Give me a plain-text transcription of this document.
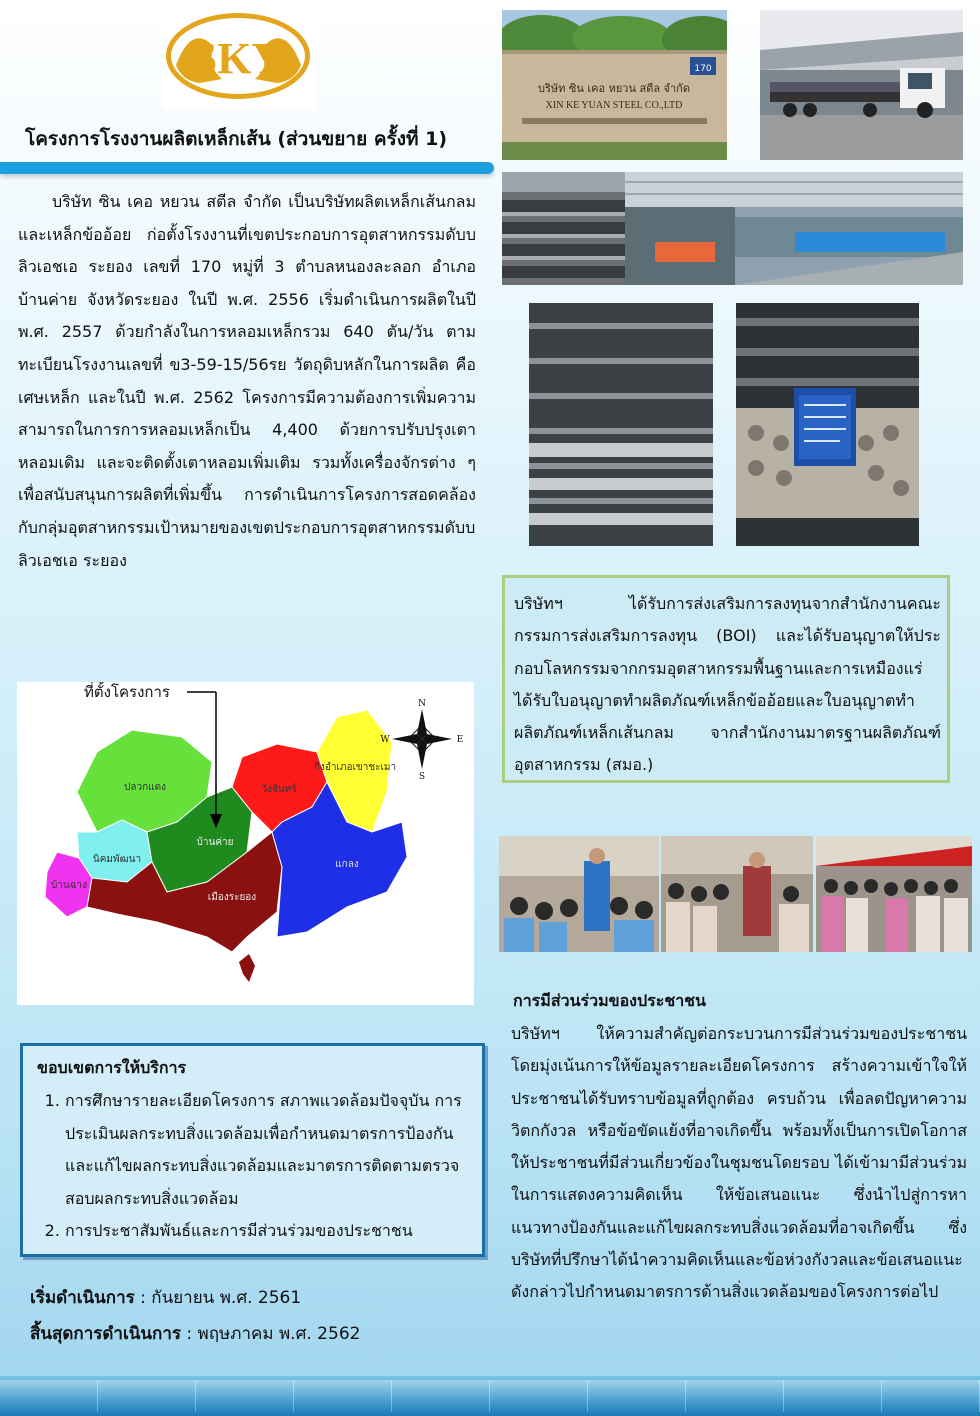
SKY
โครงการโรงงานผลิตเหล็กเส้น (ส่วนขยาย ครั้งที่ 1)

บริษัท ซิน เคอ หยวน สตีล จำกัด เป็นบริษัทผลิตเหล็กเส้นกลมและเหล็กข้ออ้อย ก่อตั้งโรงงานที่เขตประกอบการอุตสาหกรรมดับบลิวเอชเอ ระยอง เลขที่ 170 หมู่ที่ 3 ตำบลหนองละลอก อำเภอบ้านค่าย จังหวัดระยอง ในปี พ.ศ. 2556 เริ่มดำเนินการผลิตในปี พ.ศ. 2557 ด้วยกำลังในการหลอมเหล็กรวม 640 ตัน/วัน ตามทะเบียนโรงงานเลขที่ ข3-59-15/56รย วัตถุดิบหลักในการผลิต คือ เศษเหล็ก และในปี พ.ศ. 2562 โครงการมีความต้องการเพิ่มความสามารถในการการหลอมเหล็กเป็น 4,400 ด้วยการปรับปรุงเตาหลอมเดิม และจะติดตั้งเตาหลอมเพิ่มเติม รวมทั้งเครื่องจักรต่าง ๆ เพื่อสนับสนุนการผลิตที่เพิ่มขึ้น การดำเนินการโครงการสอดคล้องกับกลุ่มอุตสาหกรรมเป้าหมายของเขตประกอบการอุตสาหกรรมดับบลิวเอชเอ ระยอง

170
บริษัท ซิน เคอ หยวน สตีล จำกัด
XIN KE YUAN STEEL CO.,LTD
บริษัทฯ ได้รับการส่งเสริมการลงทุนจากสำนักงานคณะกรรมการส่งเสริมการลงทุน (BOI) และได้รับอนุญาตให้ประกอบโลหกรรมจากกรมอุตสาหกรรมพื้นฐานและการเหมืองแร่ ได้รับใบอนุญาตทำผลิตภัณฑ์เหล็กข้ออ้อยและใบอนุญาตทำผลิตภัณฑ์เหล็กเส้นกลม จากสำนักงานมาตรฐานผลิตภัณฑ์อุตสาหกรรม (สมอ.)
ปลวกแดง
นิคมพัฒนา
บ้านฉาง
บ้านค่าย
เมืองระยอง
วังจันทร์
กิ่งอำเภอเขาชะเมา
แกลง
ที่ตั้งโครงการ
N
S
E
W
ขอบเขตการให้บริการ
1. การศึกษารายละเอียดโครงการ สภาพแวดล้อมปัจจุบัน การประเมินผลกระทบสิ่งแวดล้อมเพื่อกำหนดมาตรการป้องกันและแก้ไขผลกระทบสิ่งแวดล้อมและมาตรการติดตามตรวจสอบผลกระทบสิ่งแวดล้อม
2. การประชาสัมพันธ์และการมีส่วนร่วมของประชาชน
เริ่มดำเนินการ : กันยายน พ.ศ. 2561
สิ้นสุดการดำเนินการ : พฤษภาคม พ.ศ. 2562
การมีส่วนร่วมของประชาชน

บริษัทฯ ให้ความสำคัญต่อกระบวนการมีส่วนร่วมของประชาชน โดยมุ่งเน้นการให้ข้อมูลรายละเอียดโครงการ สร้างความเข้าใจให้ประชาชนได้รับทราบข้อมูลที่ถูกต้อง ครบถ้วน เพื่อลดปัญหาความวิตกกังวล หรือข้อขัดแย้งที่อาจเกิดขึ้น พร้อมทั้งเป็นการเปิดโอกาสให้ประชาชนที่มีส่วนเกี่ยวข้องในชุมชนโดยรอบ ได้เข้ามามีส่วนร่วมในการแสดงความคิดเห็น ให้ข้อเสนอแนะ ซึ่งนำไปสู่การหาแนวทางป้องกันและแก้ไขผลกระทบสิ่งแวดล้อมที่อาจเกิดขึ้น ซึ่งบริษัทที่ปรึกษาได้นำความคิดเห็นและข้อห่วงกังวลและข้อเสนอแนะดังกล่าวไปกำหนดมาตรการด้านสิ่งแวดล้อมของโครงการต่อไป
